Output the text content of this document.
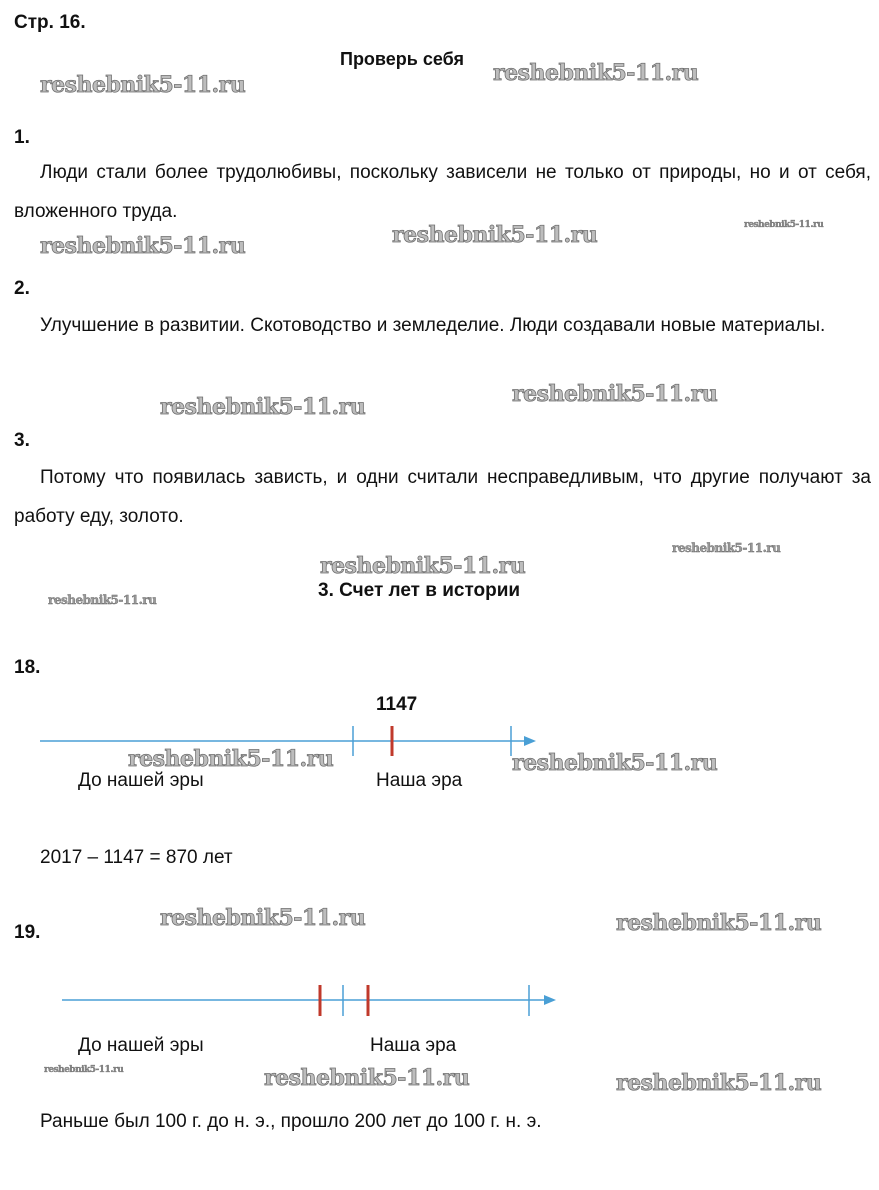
Стр. 16.
Проверь себя
1.
Люди стали более трудолюбивы, поскольку зависели не только от природы, но и от себя, вложенного труда.
2.
Улучшение в развитии. Скотоводство и земледелие. Люди создавали новые материалы.
3.
Потому что появилась зависть, и одни считали несправедливым, что другие получают за работу еду, золото.
3. Счет лет в истории
18.
1147
До нашей эры	Наша эра
2017 – 1147 = 870 лет
19.
До нашей эры	Наша эра
Раньше был 100 г. до н. э., прошло 200 лет до 100 г. н. э.
reshebnik5-11.ru	reshebnik5-11.ru
reshebnik5-11.ru	reshebnik5-11.ru	reshebnik5-11.ru
reshebnik5-11.ru	reshebnik5-11.ru
reshebnik5-11.ru
reshebnik5-11.ru
reshebnik5-11.ru
reshebnik5-11.ru	reshebnik5-11.ru
reshebnik5-11.ru	reshebnik5-11.ru
reshebnik5-11.ru	reshebnik5-11.ru	reshebnik5-11.ru
